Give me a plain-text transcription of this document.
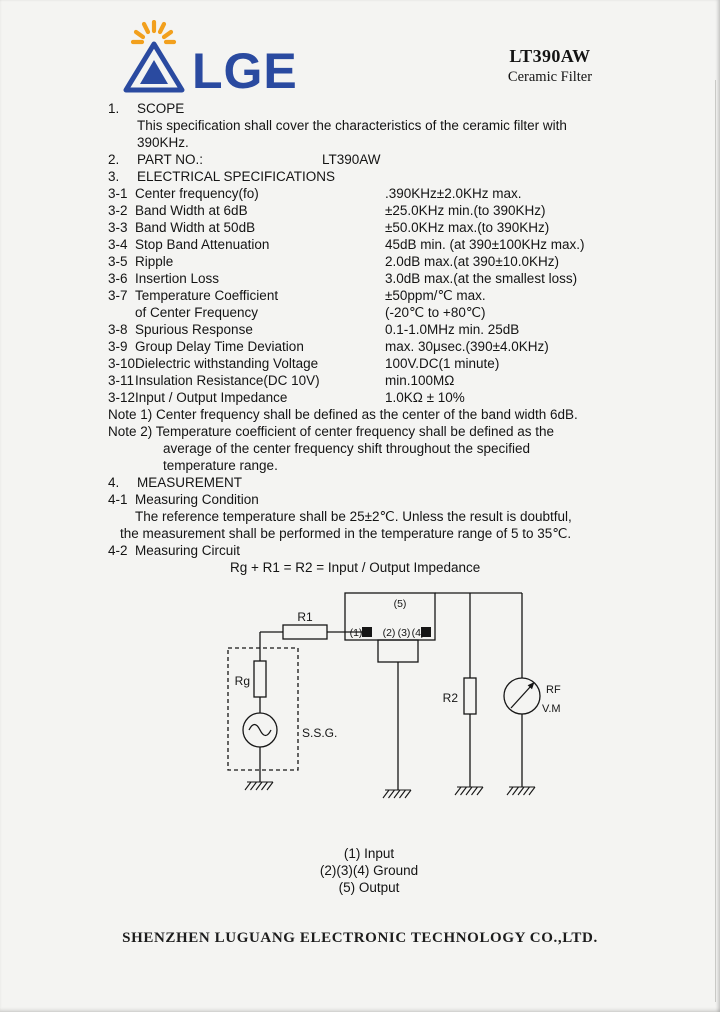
LGE	LT390AW
Ceramic Filter
1. SCOPE
This specification shall cover the characteristics of the ceramic filter with
390KHz.
2. PART NO.:	LT390AW
3. ELECTRICAL SPECIFICATIONS
3-1 Center frequency(fo)	.390KHz±2.0KHz max.
3-2 Band Width at 6dB	±25.0KHz min.(to 390KHz)
3-3 Band Width at 50dB	±50.0KHz max.(to 390KHz)
3-4 Stop Band Attenuation	45dB min. (at 390±100KHz max.)
3-5 Ripple	2.0dB max.(at 390±10.0KHz)
3-6 Insertion Loss	3.0dB max.(at the smallest loss)
3-7 Temperature Coefficient	±50ppm/℃ max.
of Center Frequency	(-20℃ to +80℃)
3-8 Spurious Response	0.1-1.0MHz min. 25dB
3-9 Group Delay Time Deviation	max. 30μsec.(390±4.0KHz)
3-10Dielectric withstanding Voltage	100V.DC(1 minute)
3-11Insulation Resistance(DC 10V)	min.100MΩ
3-12Input / Output Impedance	1.0KΩ ± 10%
Note 1) Center frequency shall be defined as the center of the band width 6dB.
Note 2) Temperature coefficient of center frequency shall be defined as the
average of the center frequency shift throughout the specified
temperature range.
4. MEASUREMENT
4-1 Measuring Condition
The reference temperature shall be 25±2℃. Unless the result is doubtful,
the measurement shall be performed in the temperature range of 5 to 35℃.
4-2 Measuring Circuit
Rg + R1 = R2 = Input / Output Impedance
R1
Rg
S.S.G.
R2
RF
V.M
(5)
(1) (2) (3) (4)
(1) Input
(2)(3)(4) Ground
(5) Output
SHENZHEN LUGUANG ELECTRONIC TECHNOLOGY CO.,LTD.
